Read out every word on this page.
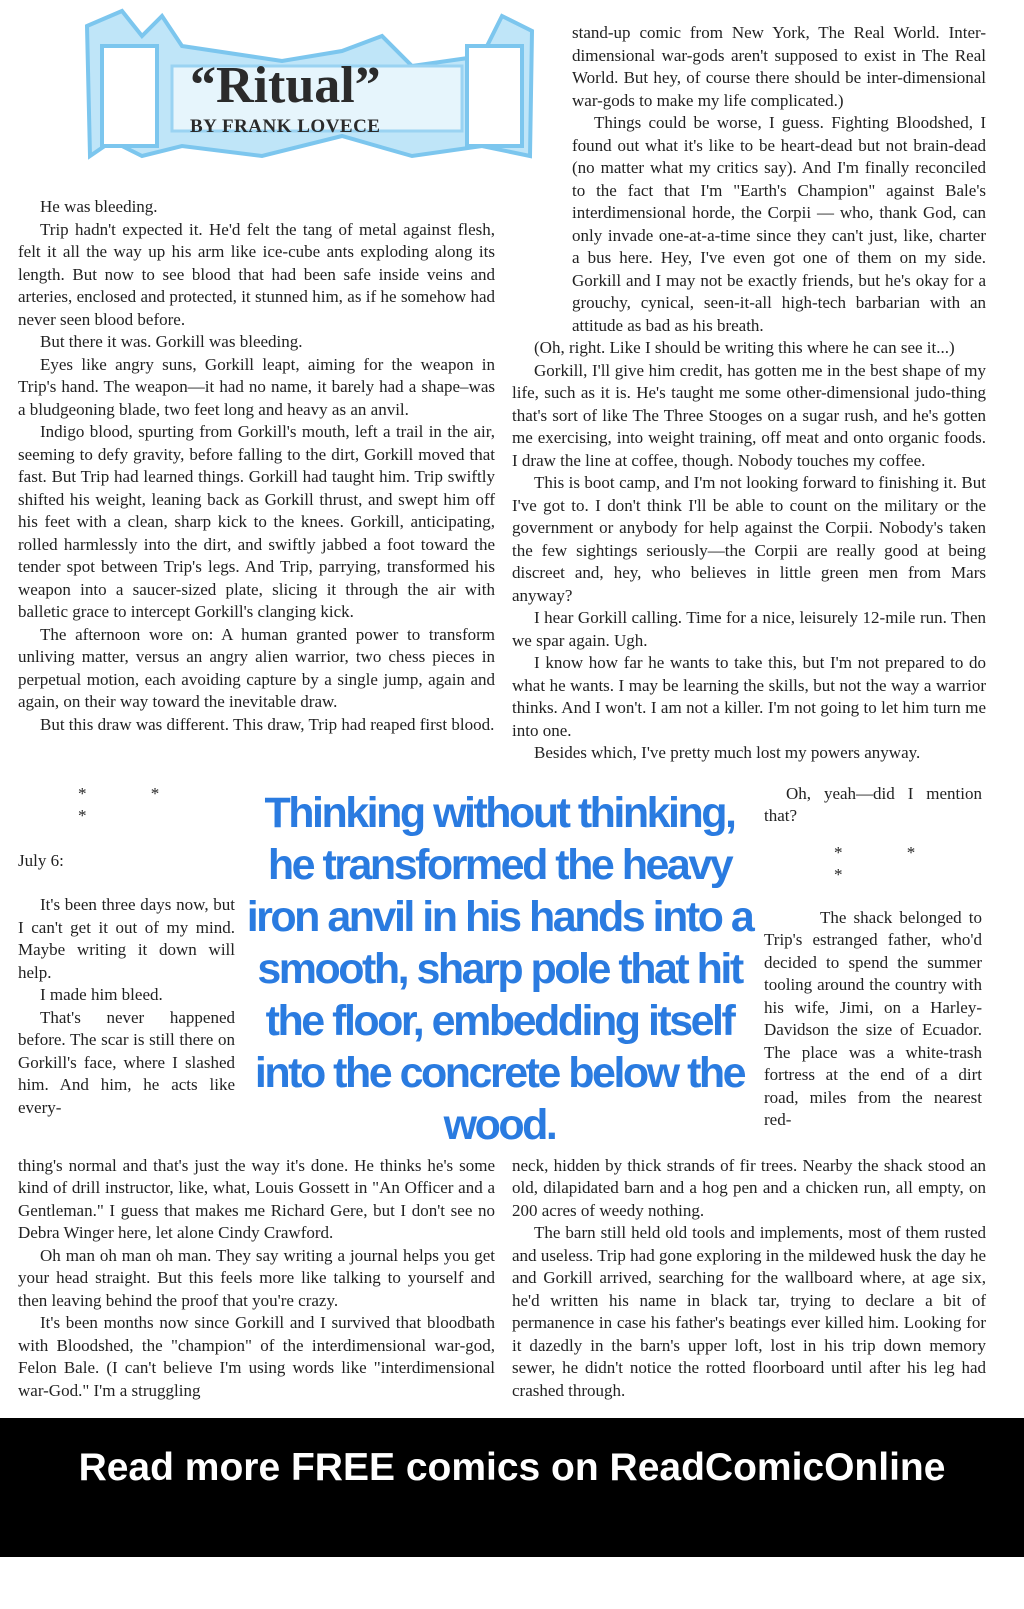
“Ritual”
BY FRANK LOVECE

He was bleeding.

Trip hadn't expected it. He'd felt the tang of metal against flesh, felt it all the way up his arm like ice-cube ants exploding along its length. But now to see blood that had been safe inside veins and arteries, enclosed and protected, it stunned him, as if he somehow had never seen blood before.

But there it was. Gorkill was bleeding.

Eyes like angry suns, Gorkill leapt, aiming for the weapon in Trip's hand. The weapon—it had no name, it barely had a shape–was a bludgeoning blade, two feet long and heavy as an anvil.

Indigo blood, spurting from Gorkill's mouth, left a trail in the air, seeming to defy gravity, before falling to the dirt, Gorkill moved that fast. But Trip had learned things. Gorkill had taught him. Trip swiftly shifted his weight, leaning back as Gorkill thrust, and swept him off his feet with a clean, sharp kick to the knees. Gorkill, anticipating, rolled harmlessly into the dirt, and swiftly jabbed a foot toward the tender spot between Trip's legs. And Trip, parrying, transformed his weapon into a saucer-sized plate, slicing it through the air with balletic grace to intercept Gorkill's clanging kick.

The afternoon wore on: A human granted power to transform unliving matter, versus an angry alien warrior, two chess pieces in perpetual motion, each avoiding capture by a single jump, again and again, on their way toward the inevitable draw.

But this draw was different. This draw, Trip had reaped first blood.

stand-up comic from New York, The Real World. Inter-dimensional war-gods aren't supposed to exist in The Real World. But hey, of course there should be inter-dimensional war-gods to make my life complicated.)

Things could be worse, I guess. Fighting Bloodshed, I found out what it's like to be heart-dead but not brain-dead (no matter what my critics say). And I'm finally reconciled to the fact that I'm "Earth's Champion" against Bale's interdimensional horde, the Corpii — who, thank God, can only invade one-at-a-time since they can't just, like, charter a bus here. Hey, I've even got one of them on my side. Gorkill and I may not be exactly friends, but he's okay for a grouchy, cynical, seen-it-all high-tech barbarian with an attitude as bad as his breath.

(Oh, right. Like I should be writing this where he can see it...)

Gorkill, I'll give him credit, has gotten me in the best shape of my life, such as it is. He's taught me some other-dimensional judo-thing that's sort of like The Three Stooges on a sugar rush, and he's gotten me exercising, into weight training, off meat and onto organic foods. I draw the line at coffee, though. Nobody touches my coffee.

This is boot camp, and I'm not looking forward to finishing it. But I've got to. I don't think I'll be able to count on the military or the government or anybody for help against the Corpii. Nobody's taken the few sightings seriously—the Corpii are really good at being discreet and, hey, who believes in little green men from Mars anyway?

I hear Gorkill calling. Time for a nice, leisurely 12-mile run. Then we spar again. Ugh.

I know how far he wants to take this, but I'm not prepared to do what he wants. I may be learning the skills, but not the way a warrior thinks. And I won't. I am not a killer. I'm not going to let him turn me into one.

Besides which, I've pretty much lost my powers anyway.

* * *

July 6:

It's been three days now, but I can't get it out of my mind. Maybe writing it down will help.

I made him bleed.

That's never happened before. The scar is still there on Gorkill's face, where I slashed him. And him, he acts like every-

Thinking without thinking, he transformed the heavy iron anvil in his hands into a smooth, sharp pole that hit the floor, embedding itself into the concrete below the wood.

Oh, yeah—did I mention that?

* * *

The shack belonged to Trip's estranged father, who'd decided to spend the summer tooling around the country with his wife, Jimi, on a Harley-Davidson the size of Ecuador. The place was a white-trash fortress at the end of a dirt road, miles from the nearest red-

thing's normal and that's just the way it's done. He thinks he's some kind of drill instructor, like, what, Louis Gossett in "An Officer and a Gentleman." I guess that makes me Richard Gere, but I don't see no Debra Winger here, let alone Cindy Crawford.

Oh man oh man oh man. They say writing a journal helps you get your head straight. But this feels more like talking to yourself and then leaving behind the proof that you're crazy.

It's been months now since Gorkill and I survived that bloodbath with Bloodshed, the "champion" of the interdimensional war-god, Felon Bale. (I can't believe I'm using words like "interdimensional war-God." I'm a struggling

neck, hidden by thick strands of fir trees. Nearby the shack stood an old, dilapidated barn and a hog pen and a chicken run, all empty, on 200 acres of weedy nothing.

The barn still held old tools and implements, most of them rusted and useless. Trip had gone exploring in the mildewed husk the day he and Gorkill arrived, searching for the wallboard where, at age six, he'd written his name in black tar, trying to declare a bit of permanence in case his father's beatings ever killed him. Looking for it dazedly in the barn's upper loft, lost in his trip down memory sewer, he didn't notice the rotted floorboard until after his leg had crashed through.

Read more FREE comics on ReadComicOnline
